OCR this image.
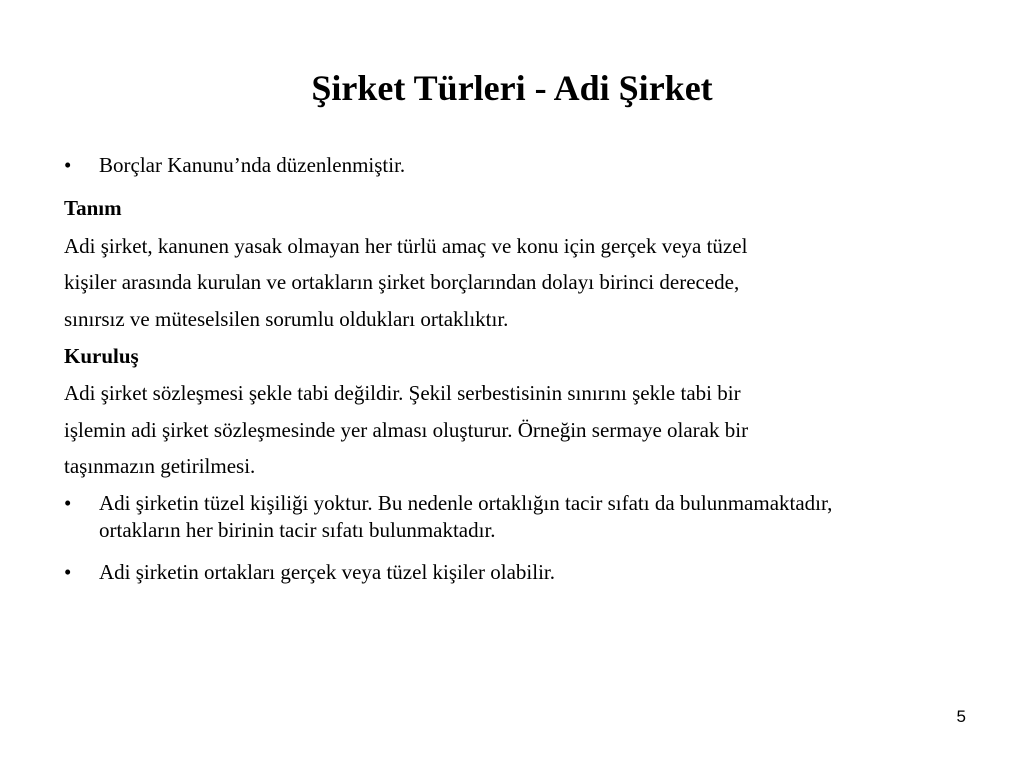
Şirket Türleri - Adi Şirket
•	Borçlar Kanunu’nda düzenlenmiştir.

Tanım

Adi şirket, kanunen yasak olmayan her türlü amaç ve konu için gerçek veya tüzel

kişiler arasında kurulan ve ortakların şirket borçlarından dolayı birinci derecede,

sınırsız ve müteselsilen sorumlu oldukları ortaklıktır.

Kuruluş

Adi şirket sözleşmesi şekle tabi değildir. Şekil serbestisinin sınırını şekle tabi bir

işlemin adi şirket sözleşmesinde yer alması oluşturur. Örneğin sermaye olarak bir

taşınmazın getirilmesi.

•	Adi şirketin tüzel kişiliği yoktur. Bu nedenle ortaklığın tacir sıfatı da bulunmamaktadır, ortakların her birinin tacir sıfatı bulunmaktadır.
•	Adi şirketin ortakları gerçek veya tüzel kişiler olabilir.
5
